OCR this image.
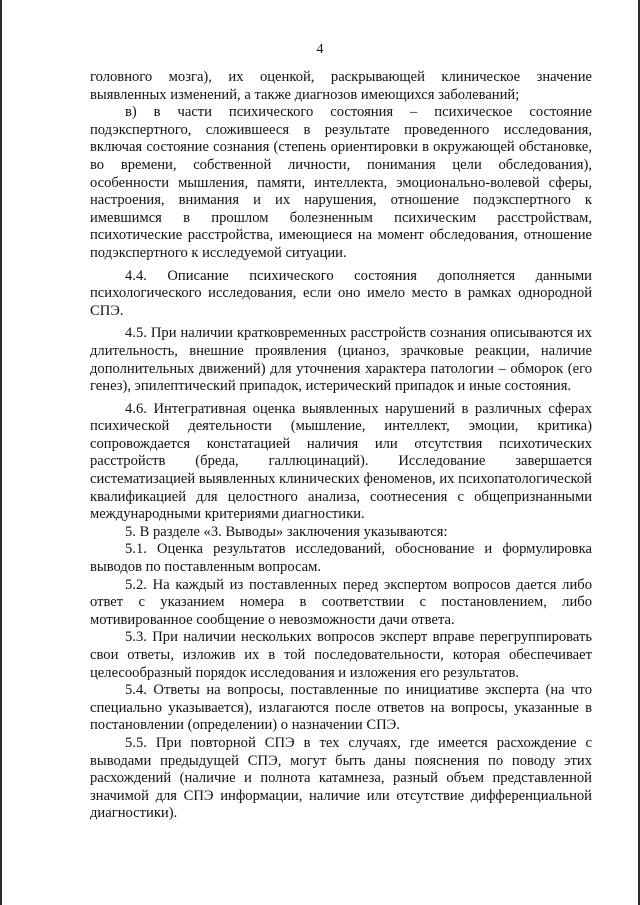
4

головного мозга), их оценкой, раскрывающей клиническое значение выявленных изменений, а также диагнозов имеющихся заболеваний;

в) в части психического состояния – психическое состояние подэкспертного, сложившееся в результате проведенного исследования, включая состояние сознания (степень ориентировки в окружающей обстановке, во времени, собственной личности, понимания цели обследования), особенности мышления, памяти, интеллекта, эмоционально-волевой сферы, настроения, внимания и их нарушения, отношение подэкспертного к имевшимся в прошлом болезненным психическим расстройствам, психотические расстройства, имеющиеся на момент обследования, отношение подэкспертного к исследуемой ситуации.

4.4. Описание психического состояния дополняется данными психологического исследования, если оно имело место в рамках однородной СПЭ.

4.5. При наличии кратковременных расстройств сознания описываются их длительность, внешние проявления (цианоз, зрачковые реакции, наличие дополнительных движений) для уточнения характера патологии – обморок (его генез), эпилептический припадок, истерический припадок и иные состояния.

4.6. Интегративная оценка выявленных нарушений в различных сферах психической деятельности (мышление, интеллект, эмоции, критика) сопровождается констатацией наличия или отсутствия психотических расстройств (бреда, галлюцинаций). Исследование завершается систематизацией выявленных клинических феноменов, их психопатологической квалификацией для целостного анализа, соотнесения с общепризнанными международными критериями диагностики.

5. В разделе «3. Выводы» заключения указываются:

5.1. Оценка результатов исследований, обоснование и формулировка выводов по поставленным вопросам.

5.2. На каждый из поставленных перед экспертом вопросов дается либо ответ с указанием номера в соответствии с постановлением, либо мотивированное сообщение о невозможности дачи ответа.

5.3. При наличии нескольких вопросов эксперт вправе перегруппировать свои ответы, изложив их в той последовательности, которая обеспечивает целесообразный порядок исследования и изложения его результатов.

5.4. Ответы на вопросы, поставленные по инициативе эксперта (на что специально указывается), излагаются после ответов на вопросы, указанные в постановлении (определении) о назначении СПЭ.

5.5. При повторной СПЭ в тех случаях, где имеется расхождение с выводами предыдущей СПЭ, могут быть даны пояснения по поводу этих расхождений (наличие и полнота катамнеза, разный объем представленной значимой для СПЭ информации, наличие или отсутствие дифференциальной диагностики).
